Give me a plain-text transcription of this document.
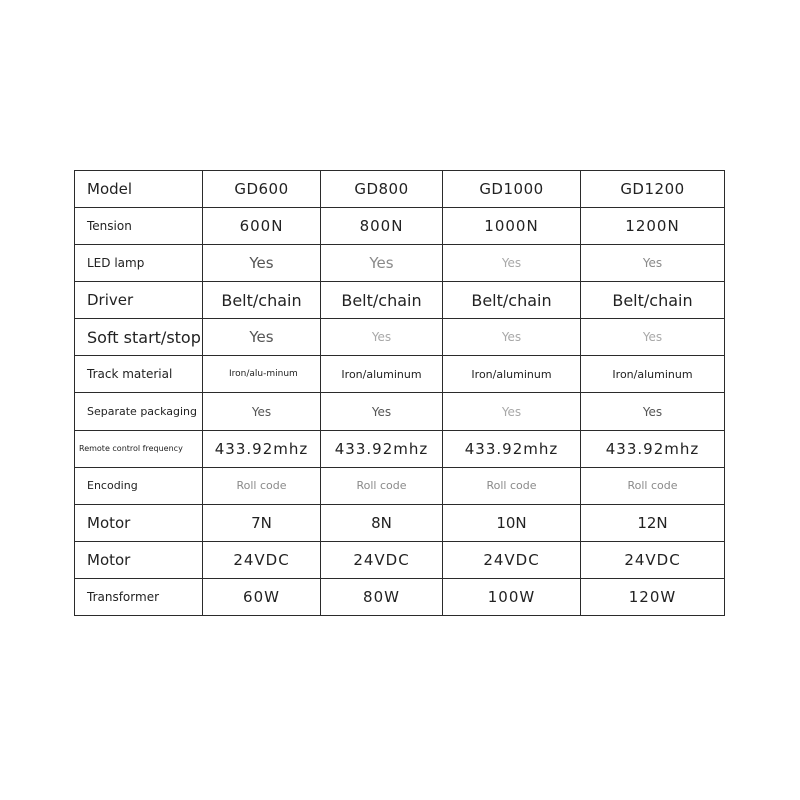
Model	GD600	GD800	GD1000	GD1200
Tension	600N	800N	1000N	1200N
LED lamp	Yes	Yes	Yes	Yes
Driver	Belt/chain	Belt/chain	Belt/chain	Belt/chain
Soft start/stop	Yes	Yes	Yes	Yes
Track material	Iron/alu-minum	Iron/aluminum	Iron/aluminum	Iron/aluminum
Separate packaging	Yes	Yes	Yes	Yes
Remote control frequency	433.92mhz	433.92mhz	433.92mhz	433.92mhz
Encoding	Roll code	Roll code	Roll code	Roll code
Motor	7N	8N	10N	12N
Motor	24VDC	24VDC	24VDC	24VDC
Transformer	60W	80W	100W	120W
